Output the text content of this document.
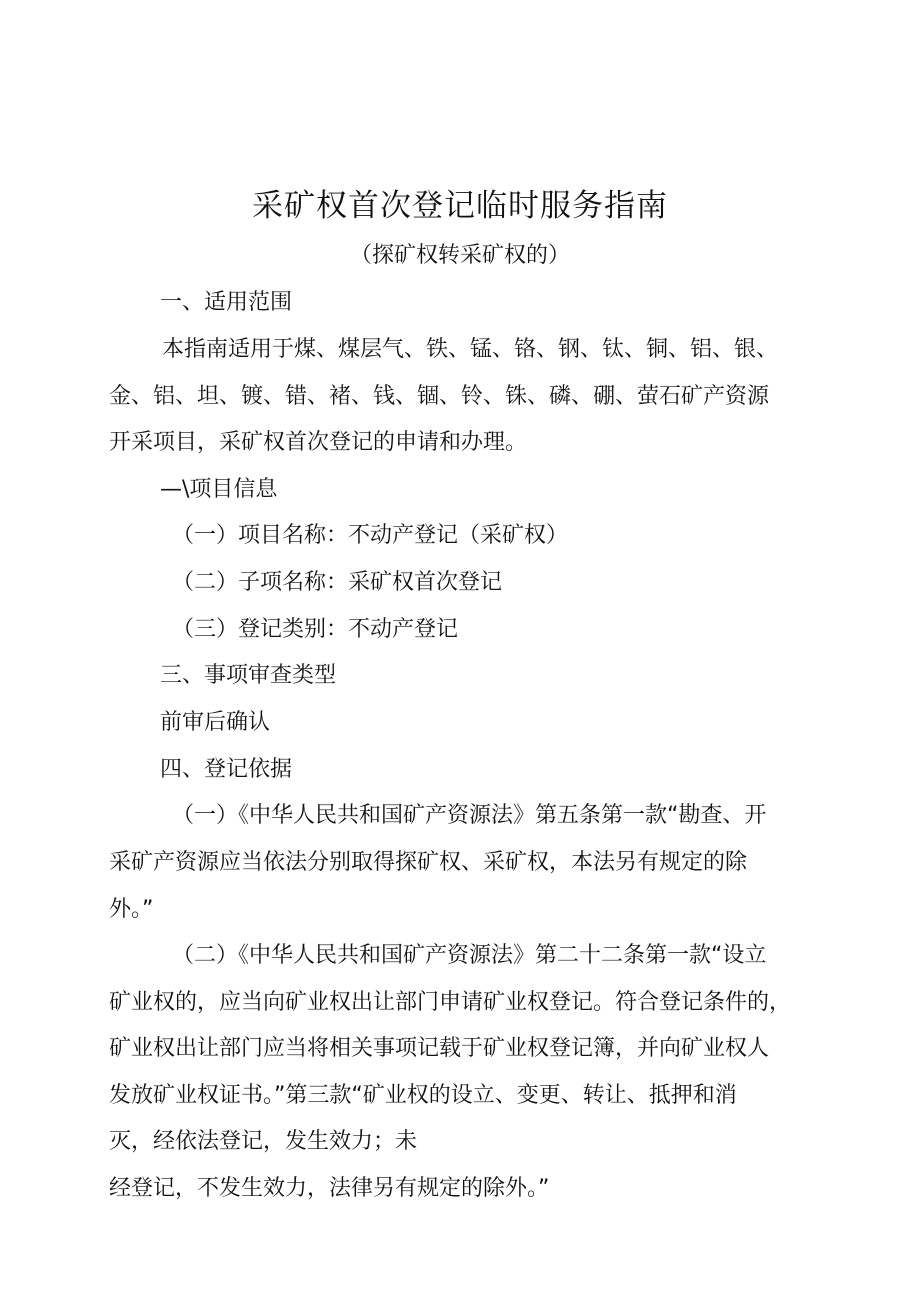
采矿权首次登记临时服务指南
（探矿权转采矿权的）
一、适用范围
本指南适用于煤、煤层气、铁、锰、铬、钢、钛、铜、铝、银、
金、铝、坦、镀、错、褚、钱、锢、铃、铢、磷、硼、萤石矿产资源
开采项目，采矿权首次登记的申请和办理。
—\项目信息
（一）项目名称：不动产登记（采矿权）
（二）子项名称：采矿权首次登记
（三）登记类别：不动产登记
三、事项审查类型
前审后确认
四、登记依据
（一）《中华人民共和国矿产资源法》第五条第一款“勘查、开
采矿产资源应当依法分别取得探矿权、采矿权，本法另有规定的除
外。”
（二）《中华人民共和国矿产资源法》第二十二条第一款“设立
矿业权的，应当向矿业权出让部门申请矿业权登记。符合登记条件的，
矿业权出让部门应当将相关事项记载于矿业权登记簿，并向矿业权人
发放矿业权证书。”第三款“矿业权的设立、变更、转让、抵押和消
灭，经依法登记，发生效力；未
经登记，不发生效力，法律另有规定的除外。”
